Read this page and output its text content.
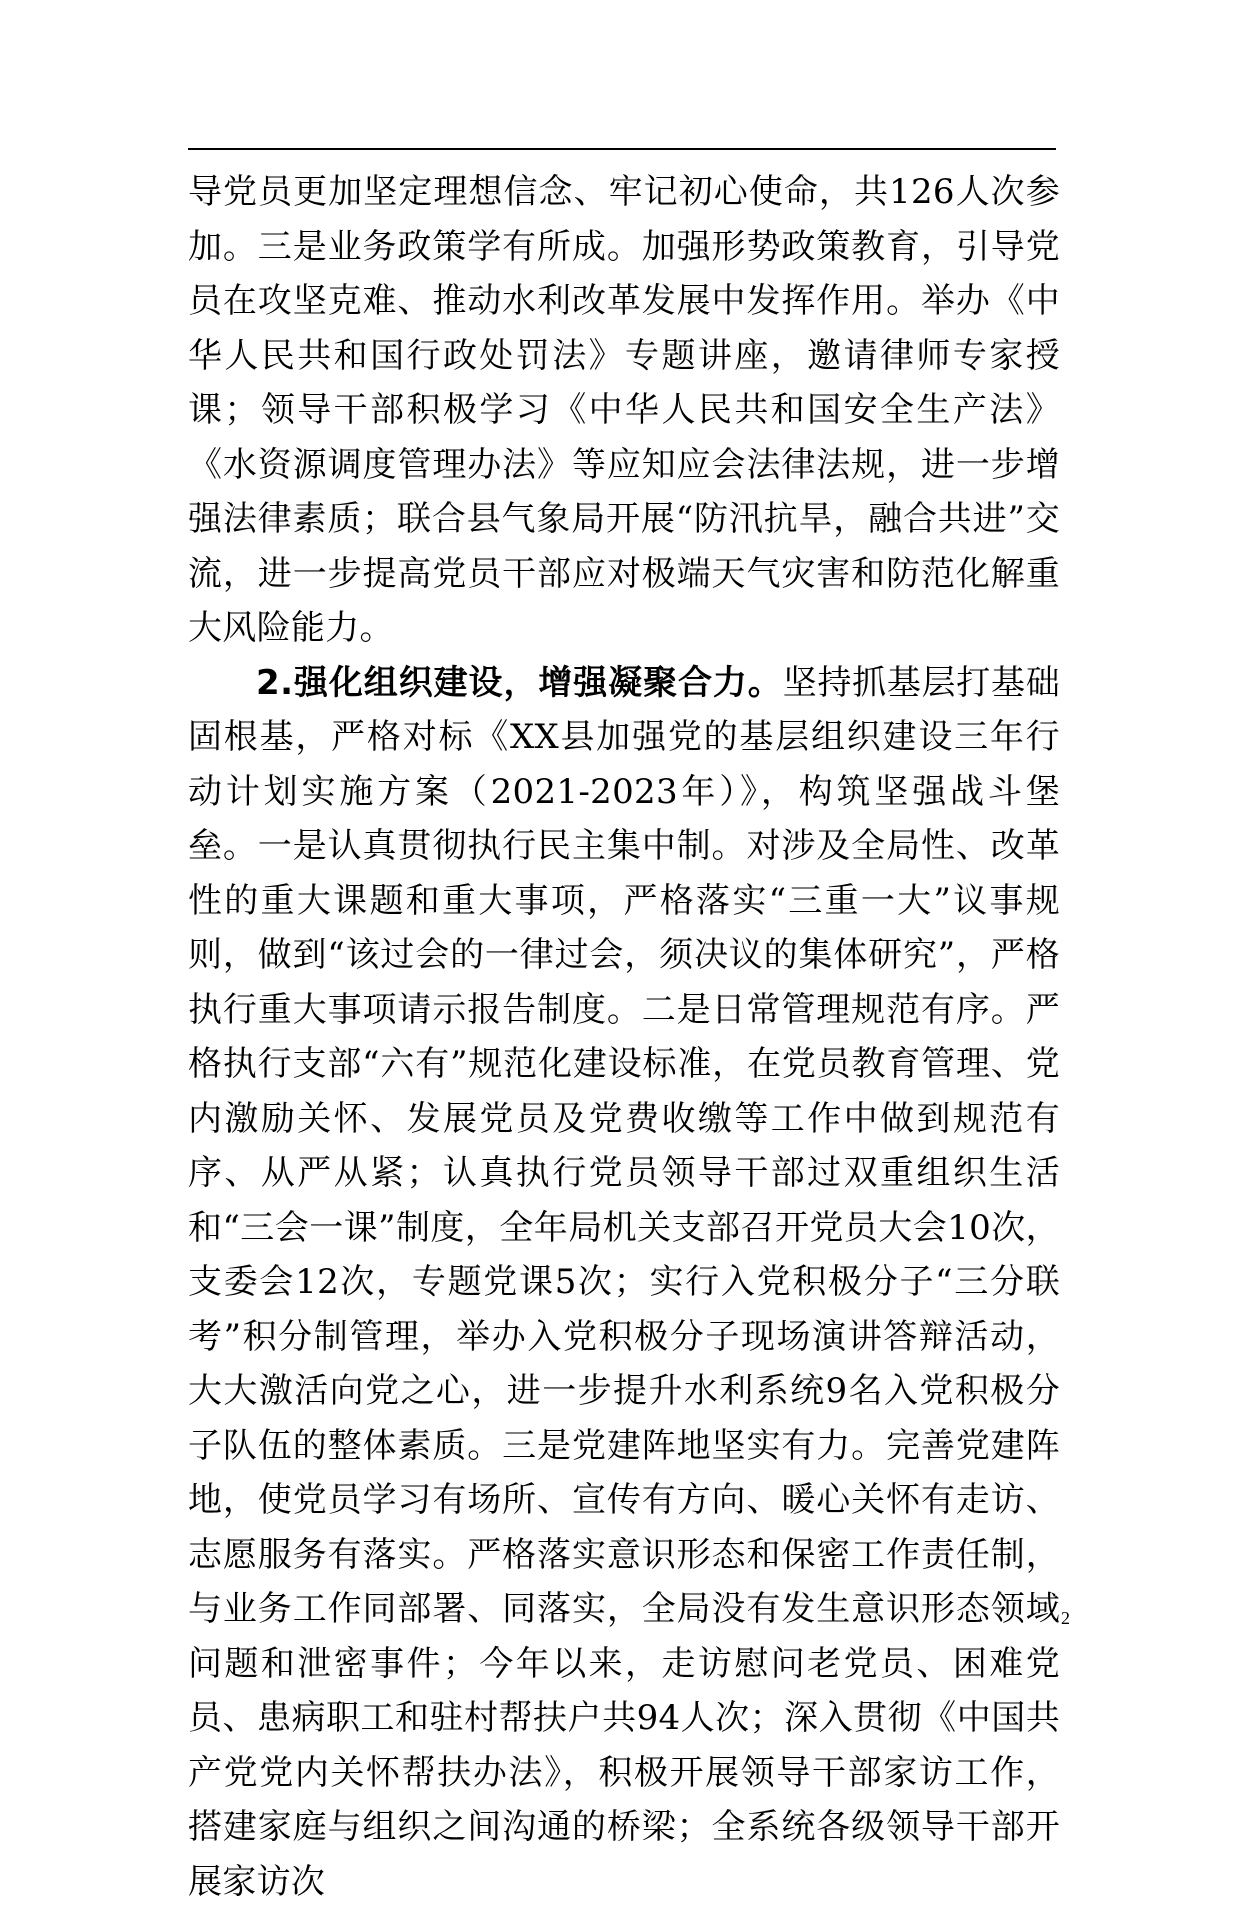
导党员更加坚定理想信念、牢记初心使命，共126人次参加。三是业务政策学有所成。加强形势政策教育，引导党员在攻坚克难、推动水利改革发展中发挥作用。举办《中华人民共和国行政处罚法》专题讲座，邀请律师专家授课；领导干部积极学习《中华人民共和国安全生产法》《水资源调度管理办法》等应知应会法律法规，进一步增强法律素质；联合县气象局开展“防汛抗旱，融合共进”交流，进一步提高党员干部应对极端天气灾害和防范化解重大风险能力。

2.强化组织建设，增强凝聚合力。坚持抓基层打基础固根基，严格对标《XX县加强党的基层组织建设三年行动计划实施方案（2021-2023年）》，构筑坚强战斗堡垒。一是认真贯彻执行民主集中制。对涉及全局性、改革性的重大课题和重大事项，严格落实“三重一大”议事规则，做到“该过会的一律过会，须决议的集体研究”，严格执行重大事项请示报告制度。二是日常管理规范有序。严格执行支部“六有”规范化建设标准，在党员教育管理、党内激励关怀、发展党员及党费收缴等工作中做到规范有序、从严从紧；认真执行党员领导干部过双重组织生活和“三会一课”制度，全年局机关支部召开党员大会10次，支委会12次，专题党课5次；实行入党积极分子“三分联考”积分制管理，举办入党积极分子现场演讲答辩活动，大大激活向党之心，进一步提升水利系统9名入党积极分子队伍的整体素质。三是党建阵地坚实有力。完善党建阵地，使党员学习有场所、宣传有方向、暖心关怀有走访、志愿服务有落实。严格落实意识形态和保密工作责任制，与业务工作同部署、同落实，全局没有发生意识形态领域问题和泄密事件；今年以来，走访慰问老党员、困难党员、患病职工和驻村帮扶户共94人次；深入贯彻《中国共产党党内关怀帮扶办法》，积极开展领导干部家访工作，搭建家庭与组织之间沟通的桥梁；全系统各级领导干部开展家访次

2
